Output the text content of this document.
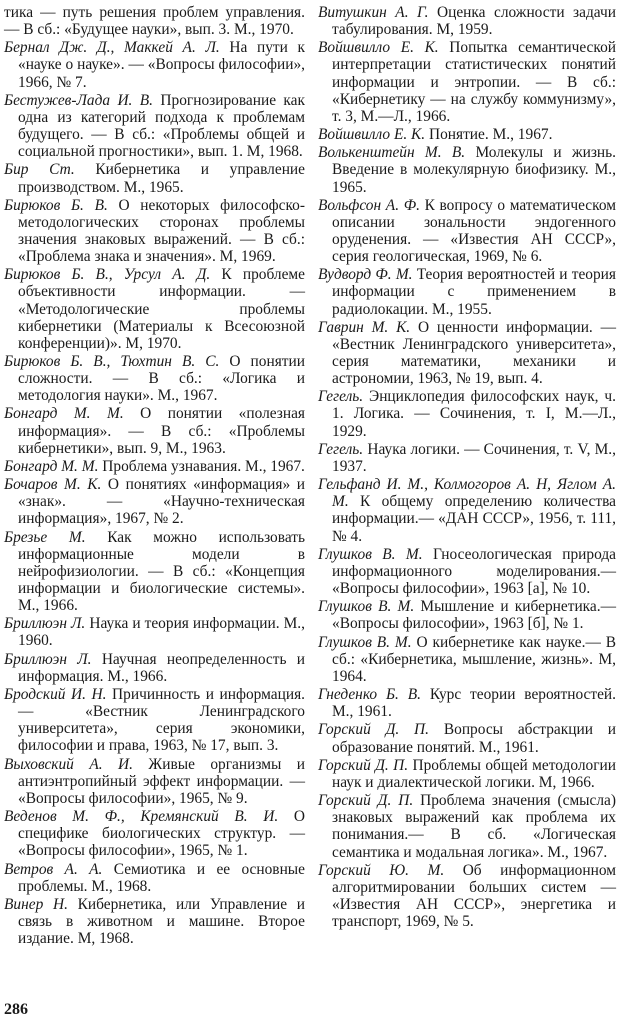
тика — путь решения проблем управления. — В сб.: «Будущее науки», вып. 3. М., 1970.

Бернал Дж. Д., Маккей А. Л. На пути к «науке о науке». — «Вопросы философии», 1966, № 7.

Бестужев-Лада И. В. Прогнозирование как одна из категорий подхода к проблемам будущего. — В сб.: «Проблемы общей и социальной прогностики», вып. 1. М, 1968.

Бир Ст. Кибернетика и управление производством. М., 1965.

Бирюков Б. В. О некоторых философско-методологических сторонах проблемы значения знаковых выражений. — В сб.: «Проблема знака и значения». М, 1969.

Бирюков Б. В., Урсул А. Д. К проблеме объективности информации. — «Методологические проблемы кибернетики (Материалы к Всесоюзной конференции)». М, 1970.

Бирюков Б. В., Тюхтин В. С. О понятии сложности. — В сб.: «Логика и методология науки». М., 1967.

Бонгард М. М. О понятии «полезная информация». — В сб.: «Проблемы кибернетики», вып. 9, М., 1963.

Бонгард М. М. Проблема узнавания. М., 1967.

Бочаров М. К. О понятиях «информация» и «знак». — «Научно-техническая информация», 1967, № 2.

Брезье М. Как можно использовать информационные модели в нейрофизиологии. — В сб.: «Концепция информации и биологические системы». М., 1966.

Бриллюэн Л. Наука и теория информации. М., 1960.

Бриллюэн Л. Научная неопределенность и информация. М., 1966.

Бродский И. Н. Причинность и информация. — «Вестник Ленинградского университета», серия экономики, философии и права, 1963, № 17, вып. 3.

Выховский А. И. Живые организмы и антиэнтропийный эффект информации. — «Вопросы философии», 1965, № 9.

Веденов М. Ф., Кремянский В. И. О специфике биологических структур. — «Вопросы философии», 1965, № 1.

Ветров А. А. Семиотика и ее основные проблемы. М., 1968.

Винер Н. Кибернетика, или Управление и связь в животном и машине. Второе издание. М, 1968.

Витушкин А. Г. Оценка сложности задачи табулирования. М, 1959.

Войшвилло Е. К. Попытка семантической интерпретации статистических понятий информации и энтропии. — В сб.: «Кибернетику — на службу коммунизму», т. 3, М.—Л., 1966.

Войшвилло Е. К. Понятие. М., 1967.

Волькенштейн М. В. Молекулы и жизнь. Введение в молекулярную биофизику. М., 1965.

Вольфсон А. Ф. К вопросу о математическом описании зональности эндогенного оруденения. — «Известия АН СССР», серия геологическая, 1969, № 6.

Вудворд Ф. М. Теория вероятностей и теория информации с применением в радиолокации. М., 1955.

Гаврин М. К. О ценности информации. — «Вестник Ленинградского университета», серия математики, механики и астрономии, 1963, № 19, вып. 4.

Гегель. Энциклопедия философских наук, ч. 1. Логика. — Сочинения, т. I, М.—Л., 1929.

Гегель. Наука логики. — Сочинения, т. V, М., 1937.

Гельфанд И. М., Колмогоров А. Н, Яглом А. М. К общему определению количества информации.— «ДАН СССР», 1956, т. 111, № 4.

Глушков В. М. Гносеологическая природа информационного моделирования.— «Вопросы философии», 1963 [а], № 10.

Глушков В. М. Мышление и кибернетика.— «Вопросы философии», 1963 [б], № 1.

Глушков В. М. О кибернетике как науке.— В сб.: «Кибернетика, мышление, жизнь». М, 1964.

Гнеденко Б. В. Курс теории вероятностей. М., 1961.

Горский Д. П. Вопросы абстракции и образование понятий. М., 1961.

Горский Д. П. Проблемы общей методологии наук и диалектической логики. М, 1966.

Горский Д. П. Проблема значения (смысла) знаковых выражений как проблема их понимания.— В сб. «Логическая семантика и модальная логика». М., 1967.

Горский Ю. М. Об информационном алгоритмировании больших систем — «Известия АН СССР», энергетика и транспорт, 1969, № 5.

286
